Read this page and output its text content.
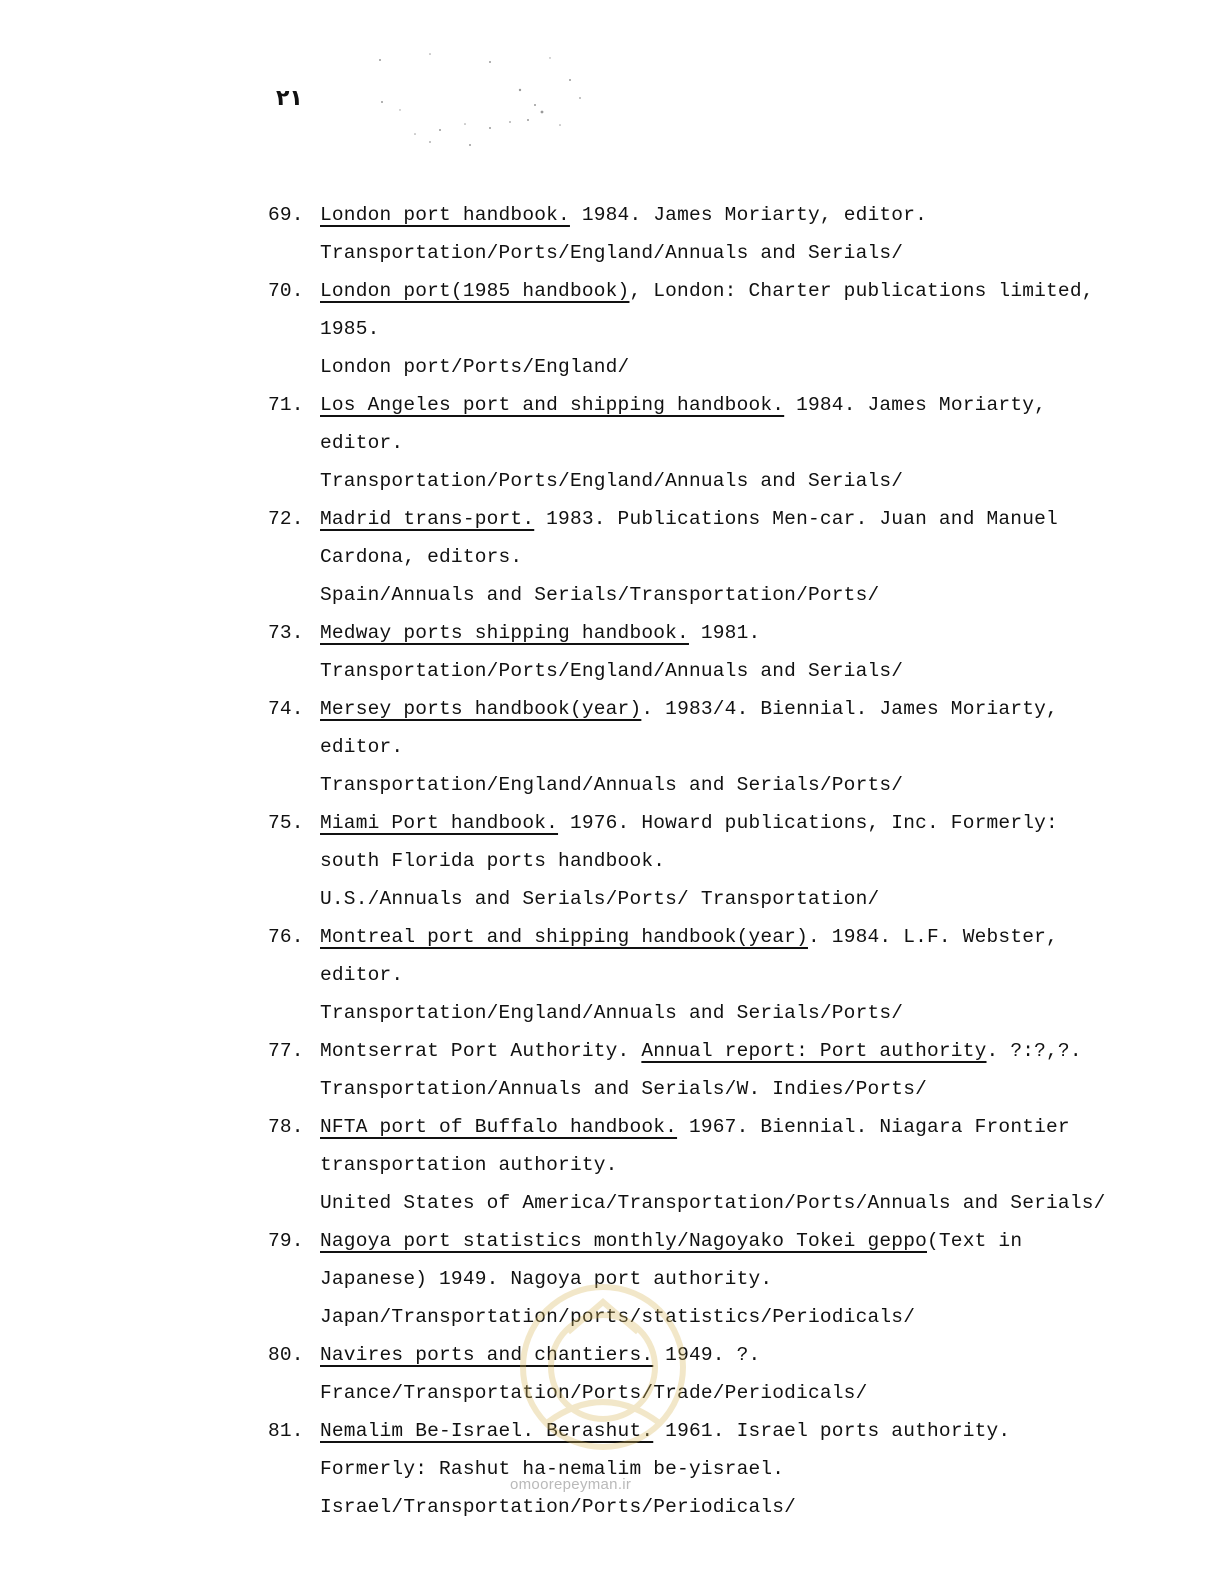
٢١
69. London port handbook. 1984. James Moriarty, editor.
Transportation/Ports/England/Annuals and Serials/
70. London port(1985 handbook), London: Charter publications limited,
1985.
London port/Ports/England/
71. Los Angeles port and shipping handbook. 1984. James Moriarty,
editor.
Transportation/Ports/England/Annuals and Serials/
72. Madrid trans-port. 1983. Publications Men-car. Juan and Manuel
Cardona, editors.
Spain/Annuals and Serials/Transportation/Ports/
73. Medway ports shipping handbook. 1981.
Transportation/Ports/England/Annuals and Serials/
74. Mersey ports handbook(year). 1983/4. Biennial. James Moriarty,
editor.
Transportation/England/Annuals and Serials/Ports/
75. Miami Port handbook. 1976. Howard publications, Inc. Formerly:
south Florida ports handbook.
U.S./Annuals and Serials/Ports/ Transportation/
76. Montreal port and shipping handbook(year). 1984. L.F. Webster,
editor.
Transportation/England/Annuals and Serials/Ports/
77. Montserrat Port Authority. Annual report: Port authority. ?:?,?.
Transportation/Annuals and Serials/W. Indies/Ports/
78. NFTA port of Buffalo handbook. 1967. Biennial. Niagara Frontier
transportation authority.
United States of America/Transportation/Ports/Annuals and Serials/
79. Nagoya port statistics monthly/Nagoyako Tokei geppo(Text in
Japanese) 1949. Nagoya port authority.
Japan/Transportation/ports/statistics/Periodicals/
80. Navires ports and chantiers. 1949. ?.
France/Transportation/Ports/Trade/Periodicals/
81. Nemalim Be-Israel. Berashut. 1961. Israel ports authority.
Formerly: Rashut ha-nemalim be-yisrael.
Israel/Transportation/Ports/Periodicals/
omoorepeyman.ir
